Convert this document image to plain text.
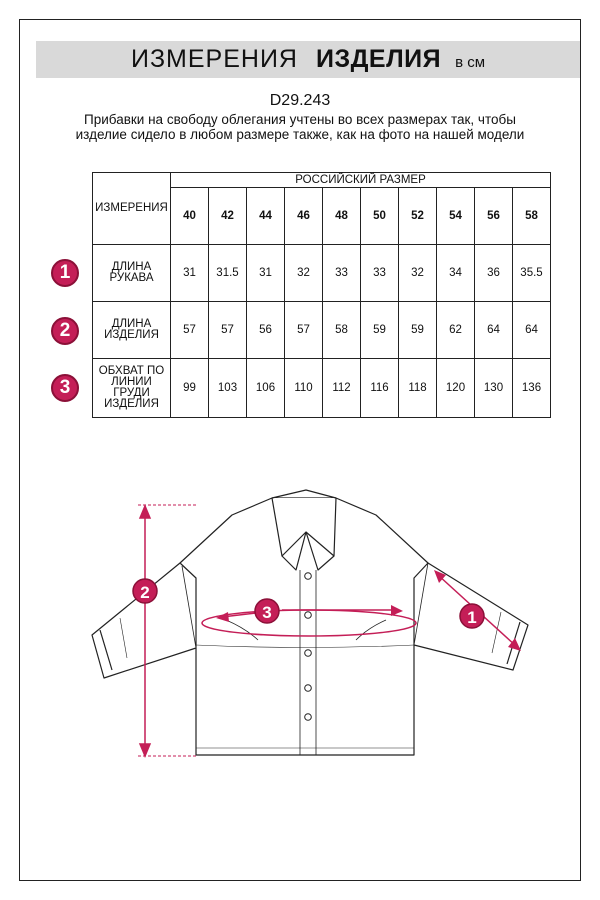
ИЗМЕРЕНИЯ ИЗДЕЛИЯ в см
D29.243
Прибавки на свободу облегания учтены во всех размерах так, чтобы изделие сидело в любом размере также, как на фото на нашей модели
ИЗМЕРЕНИЯ	РОССИЙСКИЙ РАЗМЕР									
	40	42	44	46	48	50	52	54	56	58
ДЛИНА
РУКАВА	31	31.5	31	32	33	33	32	34	36	35.5
ДЛИНА
ИЗДЕЛИЯ	57	57	56	57	58	59	59	62	64	64
ОБХВАТ ПО
ЛИНИИ
ГРУДИ
ИЗДЕЛИЯ	99	103	106	110	112	116	118	120	130	136
1
2
3
2
3	1
